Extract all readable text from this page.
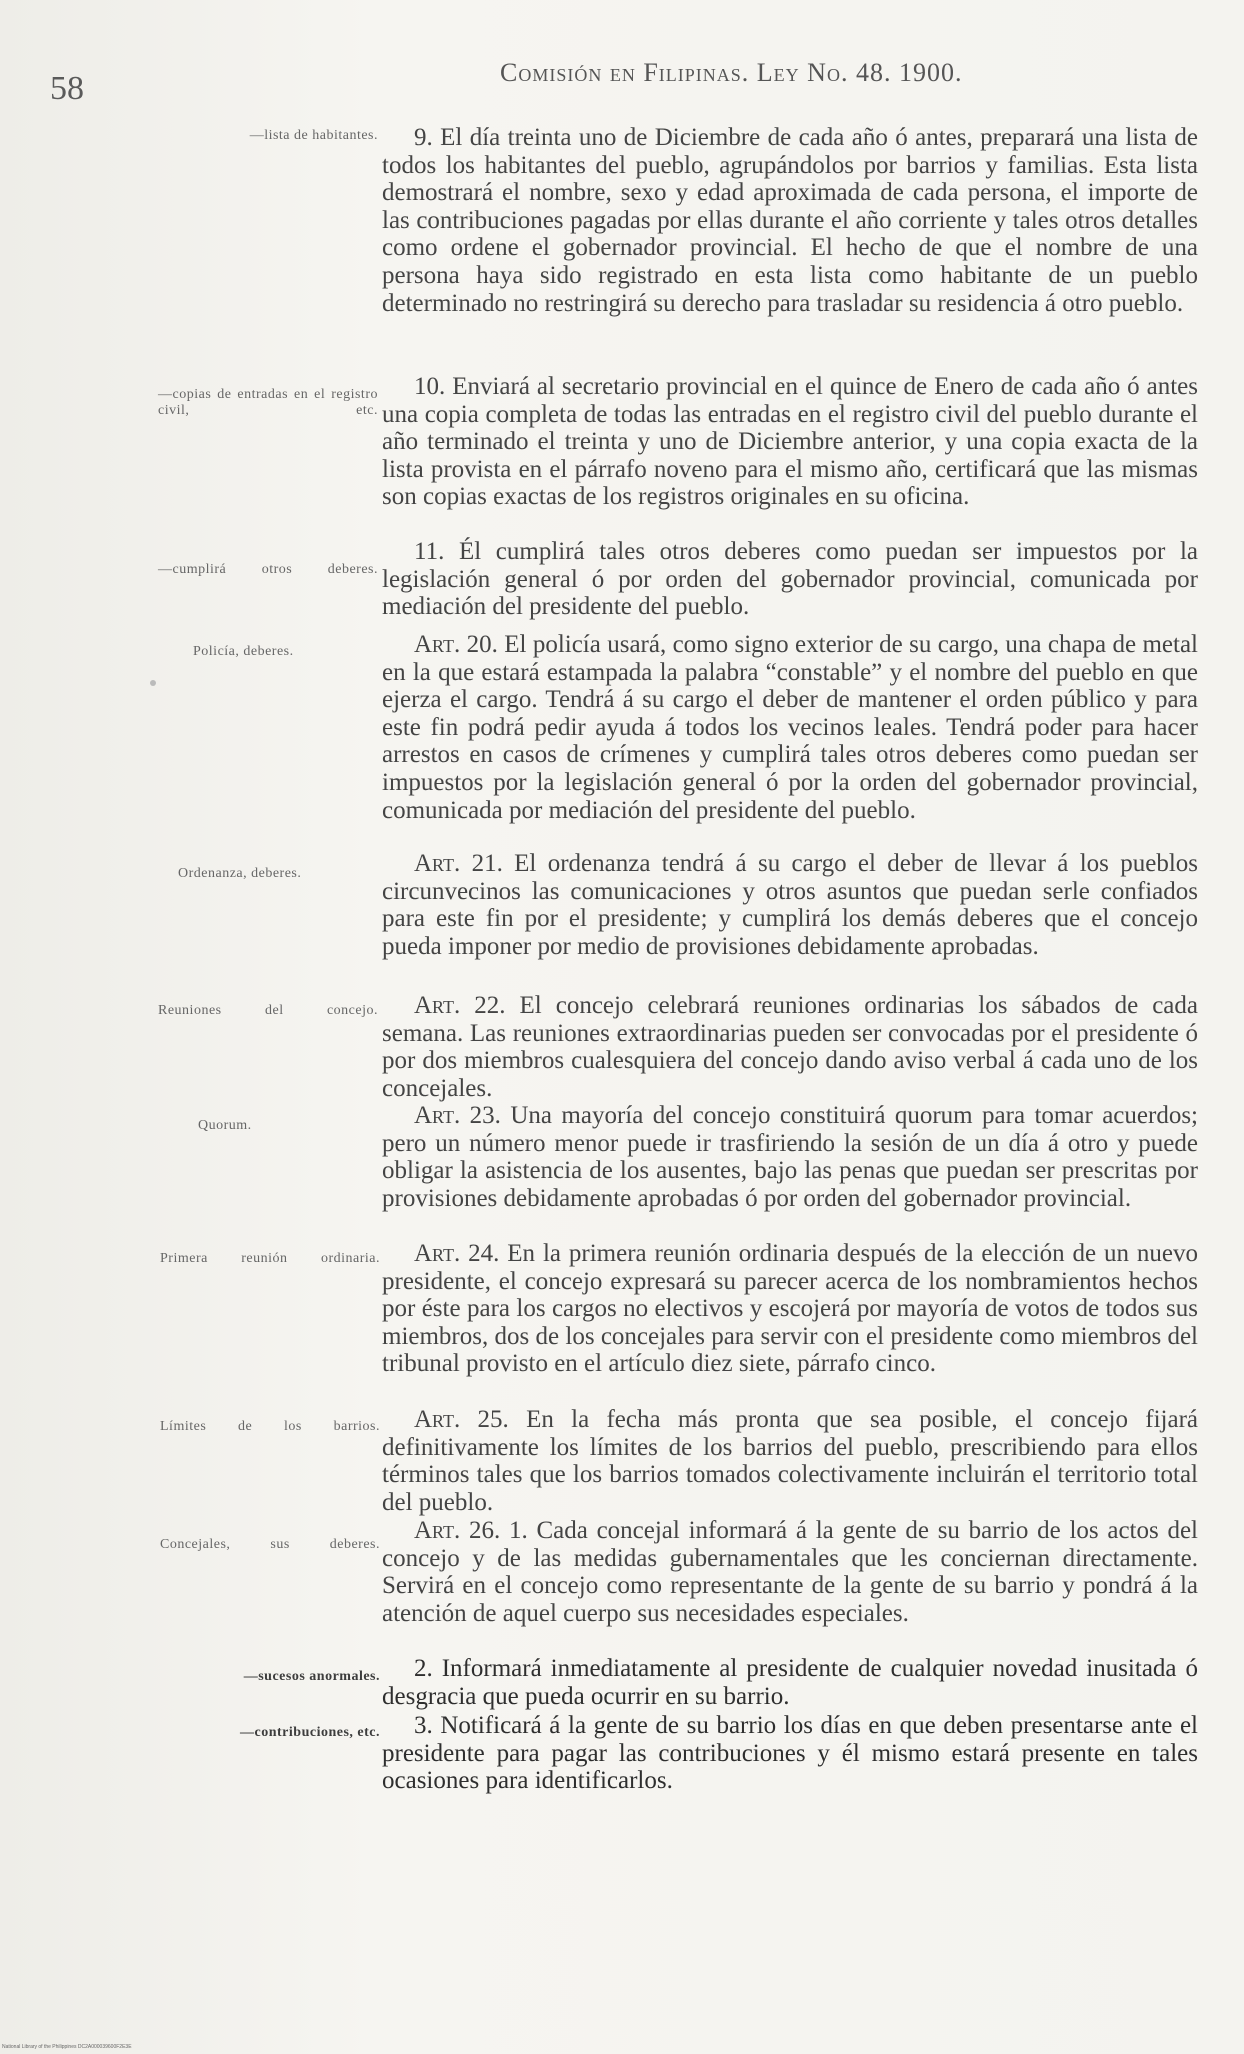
58	Comisión en Filipinas. Ley No. 48. 1900.
—lista de habitantes.	9. El día treinta uno de Diciembre de cada año ó antes, preparará una lista de todos los habitantes del pueblo, agrupándolos por barrios y familias. Esta lista demostrará el nombre, sexo y edad aproximada de cada persona, el importe de las contribuciones pagadas por ellas durante el año corriente y tales otros detalles como ordene el gobernador provincial. El hecho de que el nombre de una persona haya sido registrado en esta lista como habitante de un pueblo determinado no restringirá su derecho para trasladar su residencia á otro pueblo.
—copias de entradas en el registro civil, etc.
10. Enviará al secretario provincial en el quince de Enero de cada año ó antes una copia completa de todas las entradas en el registro civil del pueblo durante el año terminado el treinta y uno de Diciembre anterior, y una copia exacta de la lista provista en el párrafo noveno para el mismo año, certificará que las mismas son copias exactas de los registros originales en su oficina.
—cumplirá otros deberes.
11. Él cumplirá tales otros deberes como puedan ser impuestos por la legislación general ó por orden del gobernador provincial, comunicada por mediación del presidente del pueblo.
Policía, deberes.	Art. 20. El policía usará, como signo exterior de su cargo, una chapa de metal en la que estará estampada la palabra “constable” y el nombre del pueblo en que ejerza el cargo. Tendrá á su cargo el deber de mantener el orden público y para este fin podrá pedir ayuda á todos los vecinos leales. Tendrá poder para hacer arrestos en casos de crímenes y cumplirá tales otros deberes como puedan ser impuestos por la legislación general ó por la orden del gobernador provincial, comunicada por mediación del presidente del pueblo.
Ordenanza, deberes.	Art. 21. El ordenanza tendrá á su cargo el deber de llevar á los pueblos circunvecinos las comunicaciones y otros asuntos que puedan serle confiados para este fin por el presidente; y cumplirá los demás deberes que el concejo pueda imponer por medio de provisiones debidamente aprobadas.
Reuniones del concejo.	Art. 22. El concejo celebrará reuniones ordinarias los sábados de cada semana. Las reuniones extraordinarias pueden ser convocadas por el presidente ó por dos miembros cualesquiera del concejo dando aviso verbal á cada uno de los concejales.
Quorum.	Art. 23. Una mayoría del concejo constituirá quorum para tomar acuerdos; pero un número menor puede ir trasfiriendo la sesión de un día á otro y puede obligar la asistencia de los ausentes, bajo las penas que puedan ser prescritas por provisiones debidamente aprobadas ó por orden del gobernador provincial.
Primera reunión ordinaria.	Art. 24. En la primera reunión ordinaria después de la elección de un nuevo presidente, el concejo expresará su parecer acerca de los nombramientos hechos por éste para los cargos no electivos y escojerá por mayoría de votos de todos sus miembros, dos de los concejales para servir con el presidente como miembros del tribunal provisto en el artículo diez siete, párrafo cinco.
Límites de los barrios.	Art. 25. En la fecha más pronta que sea posible, el concejo fijará definitivamente los límites de los barrios del pueblo, prescribiendo para ellos términos tales que los barrios tomados colectivamente incluirán el territorio total del pueblo.
Concejales, sus deberes.
Art. 26. 1. Cada concejal informará á la gente de su barrio de los actos del concejo y de las medidas gubernamentales que les conciernan directamente. Servirá en el concejo como representante de la gente de su barrio y pondrá á la atención de aquel cuerpo sus necesidades especiales.
—sucesos anormales.	2. Informará inmediatamente al presidente de cualquier novedad inusitada ó desgracia que pueda ocurrir en su barrio.
—contribuciones, etc.	3. Notificará á la gente de su barrio los días en que deben presentarse ante el presidente para pagar las contribuciones y él mismo estará presente en tales ocasiones para identificarlos.
National Library of the Philippines DC2A000039600F2E3E
